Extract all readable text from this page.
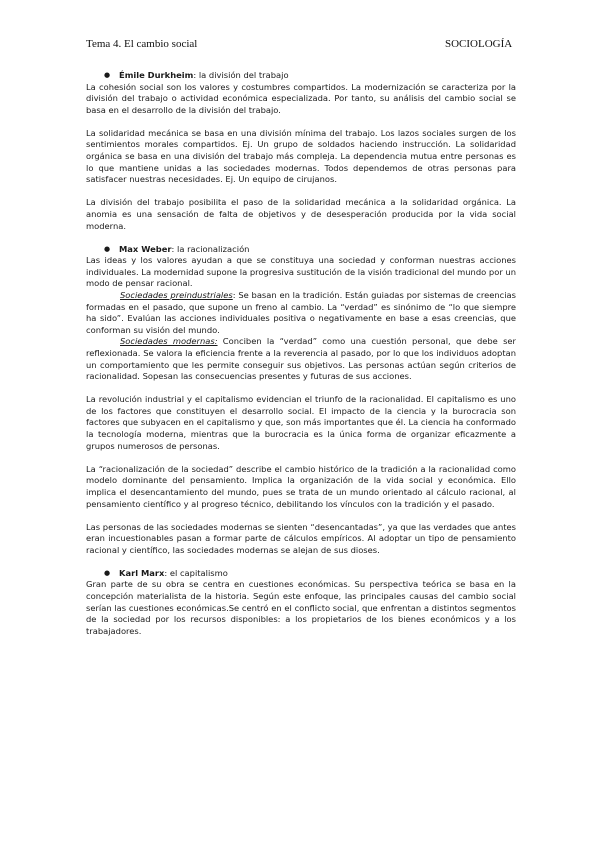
Tema 4. El cambio social	SOCIOLOGÍA
● Émile Durkheim: la división del trabajo

La cohesión social son los valores y costumbres compartidos. La modernización se caracteriza por la división del trabajo o actividad económica especializada. Por tanto, su análisis del cambio social se basa en el desarrollo de la división del trabajo.

La solidaridad mecánica se basa en una división mínima del trabajo. Los lazos sociales surgen de los sentimientos morales compartidos. Ej. Un grupo de soldados haciendo instrucción. La solidaridad orgánica se basa en una división del trabajo más compleja. La dependencia mutua entre personas es lo que mantiene unidas a las sociedades modernas. Todos dependemos de otras personas para satisfacer nuestras necesidades. Ej. Un equipo de cirujanos.

La división del trabajo posibilita el paso de la solidaridad mecánica a la solidaridad orgánica. La anomia es una sensación de falta de objetivos y de desesperación producida por la vida social moderna.

● Max Weber: la racionalización

Las ideas y los valores ayudan a que se constituya una sociedad y conforman nuestras acciones individuales. La modernidad supone la progresiva sustitución de la visión tradicional del mundo por un modo de pensar racional.

Sociedades preindustriales: Se basan en la tradición. Están guiadas por sistemas de creencias formadas en el pasado, que supone un freno al cambio. La “verdad” es sinónimo de “lo que siempre ha sido”. Evalúan las acciones individuales positiva o negativamente en base a esas creencias, que conforman su visión del mundo.

Sociedades modernas: Conciben la “verdad” como una cuestión personal, que debe ser reflexionada. Se valora la eficiencia frente a la reverencia al pasado, por lo que los individuos adoptan un comportamiento que les permite conseguir sus objetivos. Las personas actúan según criterios de racionalidad. Sopesan las consecuencias presentes y futuras de sus acciones.

La revolución industrial y el capitalismo evidencian el triunfo de la racionalidad. El capitalismo es uno de los factores que constituyen el desarrollo social. El impacto de la ciencia y la burocracia son factores que subyacen en el capitalismo y que, son más importantes que él. La ciencia ha conformado la tecnología moderna, mientras que la burocracia es la única forma de organizar eficazmente a grupos numerosos de personas.

La “racionalización de la sociedad” describe el cambio histórico de la tradición a la racionalidad como modelo dominante del pensamiento. Implica la organización de la vida social y económica. Ello implica el desencantamiento del mundo, pues se trata de un mundo orientado al cálculo racional, al pensamiento científico y al progreso técnico, debilitando los vínculos con la tradición y el pasado.

Las personas de las sociedades modernas se sienten “desencantadas”, ya que las verdades que antes eran incuestionables pasan a formar parte de cálculos empíricos. Al adoptar un tipo de pensamiento racional y científico, las sociedades modernas se alejan de sus dioses.

● Karl Marx: el capitalismo

Gran parte de su obra se centra en cuestiones económicas. Su perspectiva teórica se basa en la concepción materialista de la historia. Según este enfoque, las principales causas del cambio social serían las cuestiones económicas.Se centró en el conflicto social, que enfrentan a distintos segmentos de la sociedad por los recursos disponibles: a los propietarios de los bienes económicos y a los trabajadores.
